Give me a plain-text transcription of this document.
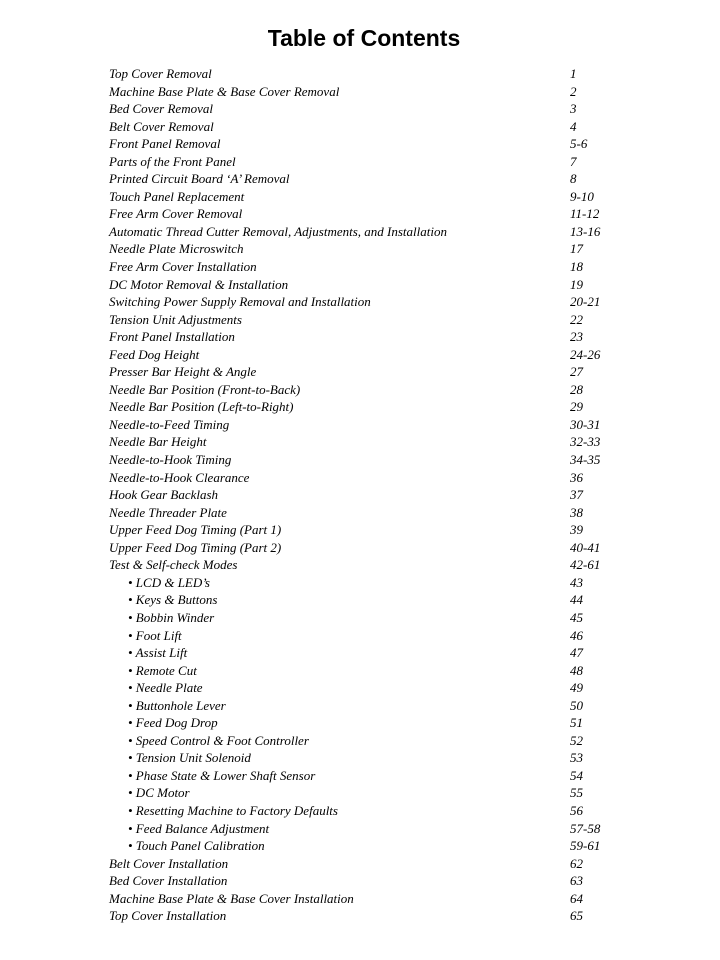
Table of Contents
Top Cover Removal	1
Machine Base Plate & Base Cover Removal	2
Bed Cover Removal	3
Belt Cover Removal	4
Front Panel Removal	5-6
Parts of the Front Panel	7
Printed Circuit Board ‘A’ Removal	8
Touch Panel Replacement	9-10
Free Arm Cover Removal	11-12
Automatic Thread Cutter Removal, Adjustments, and Installation	13-16
Needle Plate Microswitch	17
Free Arm Cover Installation	18
DC Motor Removal & Installation	19
Switching Power Supply Removal and Installation	20-21
Tension Unit Adjustments	22
Front Panel Installation	23
Feed Dog Height	24-26
Presser Bar Height & Angle	27
Needle Bar Position (Front-to-Back)	28
Needle Bar Position (Left-to-Right)	29
Needle-to-Feed Timing	30-31
Needle Bar Height	32-33
Needle-to-Hook Timing	34-35
Needle-to-Hook Clearance	36
Hook Gear Backlash	37
Needle Threader Plate	38
Upper Feed Dog Timing (Part 1)	39
Upper Feed Dog Timing (Part 2)	40-41
Test & Self-check Modes	42-61
• LCD & LED’s	43
• Keys & Buttons	44
• Bobbin Winder	45
• Foot Lift	46
• Assist Lift	47
• Remote Cut	48
• Needle Plate	49
• Buttonhole Lever	50
• Feed Dog Drop	51
• Speed Control & Foot Controller	52
• Tension Unit Solenoid	53
• Phase State & Lower Shaft Sensor	54
• DC Motor	55
• Resetting Machine to Factory Defaults	56
• Feed Balance Adjustment	57-58
• Touch Panel Calibration	59-61
Belt Cover Installation	62
Bed Cover Installation	63
Machine Base Plate & Base Cover Installation	64
Top Cover Installation	65
